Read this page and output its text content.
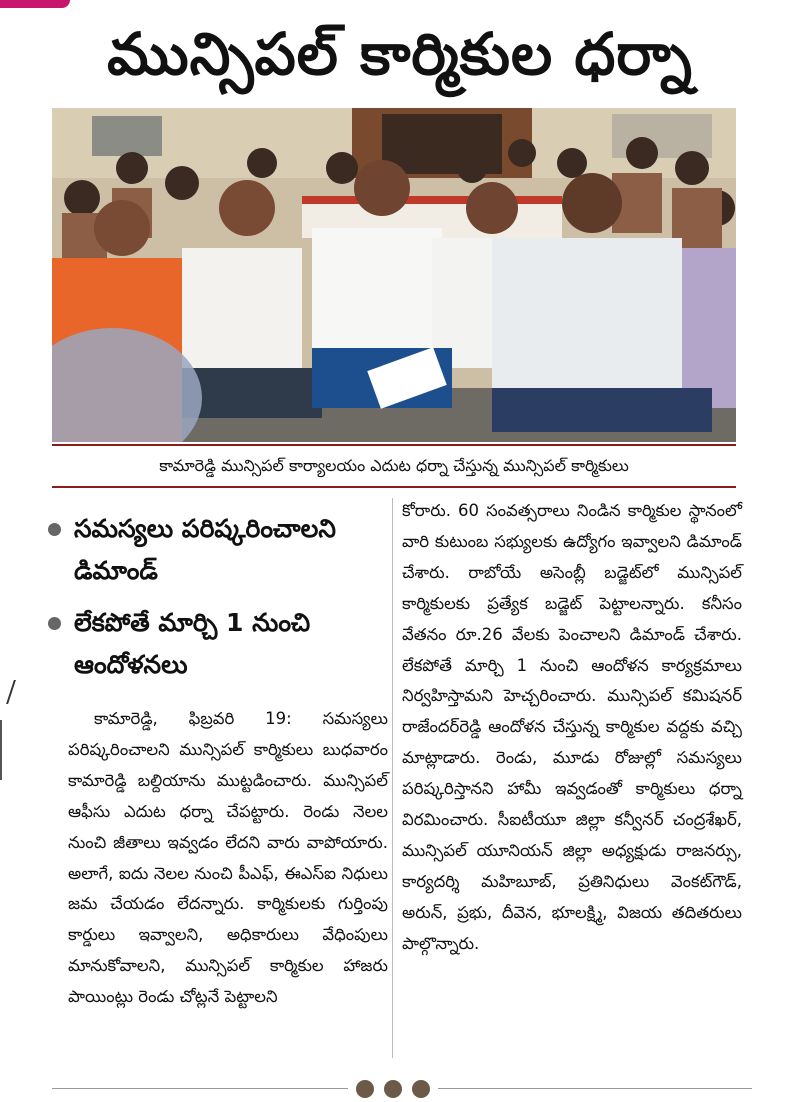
మున్సిపల్ కార్మికుల ధర్నా
కామారెడ్డి మున్సిపల్ కార్యాలయం ఎదుట ధర్నా చేస్తున్న మున్సిపల్ కార్మికులు
సమస్యలు పరిష్కరించాలని డిమాండ్
లేకపోతే మార్చి 1 నుంచి ఆందోళనలు

కామారెడ్డి, ఫిబ్రవరి 19: సమస్యలు పరిష్కరించాలని మున్సిపల్ కార్మికులు బుధవారం కామారెడ్డి బల్దియాను ముట్టడించారు. మున్సిపల్ ఆఫీసు ఎదుట ధర్నా చేపట్టారు. రెండు నెలల నుంచి జీతాలు ఇవ్వడం లేదని వారు వాపోయారు. అలాగే, ఐదు నెలల నుంచి పీఎఫ్, ఈఎస్ఐ నిధులు జమ చేయడం లేదన్నారు. కార్మికులకు గుర్తింపు కార్డులు ఇవ్వాలని, అధికారులు వేధింపులు మానుకోవాలని, మున్సిపల్ కార్మికుల హాజరు పాయింట్లు రెండు చోట్లనే పెట్టాలని

కోరారు. 60 సంవత్సరాలు నిండిన కార్మికుల స్థానంలో వారి కుటుంబ సభ్యులకు ఉద్యోగం ఇవ్వాలని డిమాండ్ చేశారు. రాబోయే అసెంబ్లీ బడ్జెట్‌లో మున్సిపల్ కార్మికులకు ప్రత్యేక బడ్జెట్ పెట్టాలన్నారు. కనీసం వేతనం రూ.26 వేలకు పెంచాలని డిమాండ్ చేశారు. లేకపోతే మార్చి 1 నుంచి ఆందోళన కార్యక్రమాలు నిర్వహిస్తామని హెచ్చరించారు. మున్సిపల్ కమిషనర్ రాజేందర్‌రెడ్డి ఆందోళన చేస్తున్న కార్మికుల వద్దకు వచ్చి మాట్లాడారు. రెండు, మూడు రోజుల్లో సమస్యలు పరిష్కరిస్తానని హామీ ఇవ్వడంతో కార్మికులు ధర్నా విరమించారు. సీఐటీయూ జిల్లా కన్వీనర్ చంద్రశేఖర్, మున్సిపల్ యూనియన్ జిల్లా అధ్యక్షుడు రాజనర్సు, కార్యదర్శి మహిబూబ్, ప్రతినిధులు వెంకట్‌గౌడ్, అరున్, ప్రభు, దీవెన, భూలక్ష్మి, విజయ తదితరులు పాల్గొన్నారు.
